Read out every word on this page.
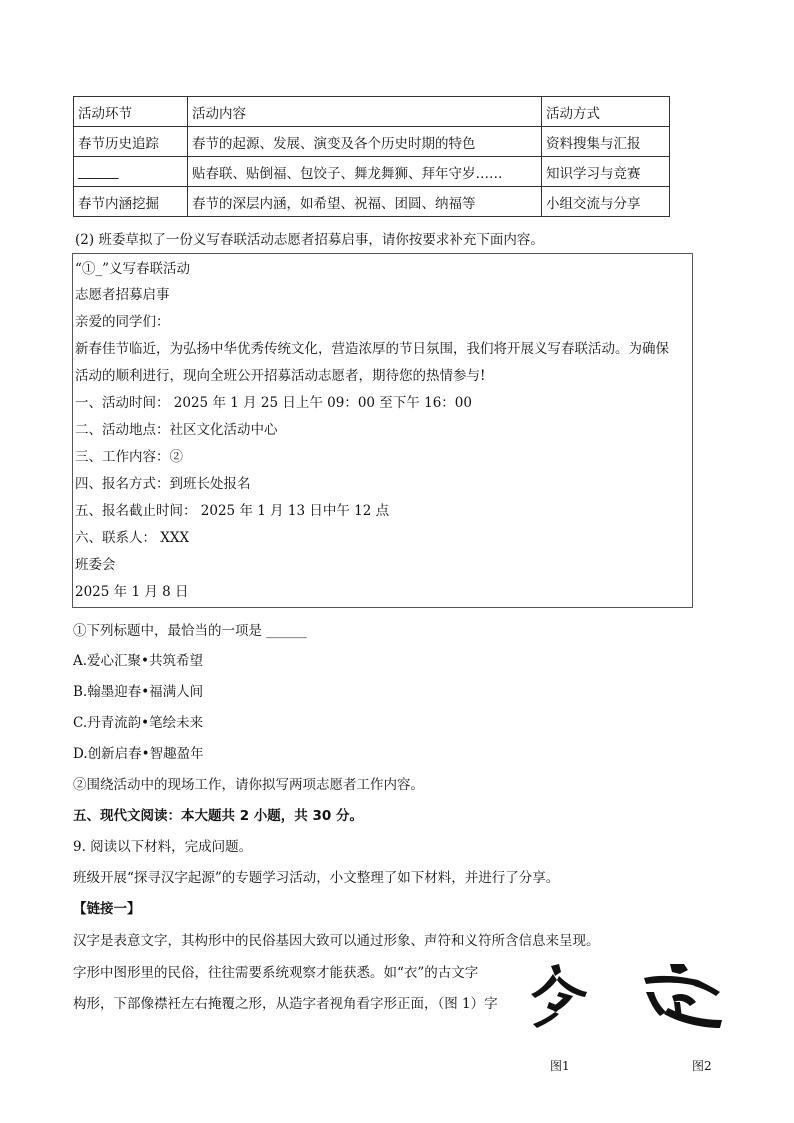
活动环节	活动内容	活动方式
春节历史追踪	春节的起源、发展、演变及各个历史时期的特色	资料搜集与汇报
______	贴春联、贴倒福、包饺子、舞龙舞狮、拜年守岁……	知识学习与竞赛
春节内涵挖掘	春节的深层内涵，如希望、祝福、团圆、纳福等	小组交流与分享
(2) 班委草拟了一份义写春联活动志愿者招募启事，请你按要求补充下面内容。
“①_”义写春联活动
志愿者招募启事
亲爱的同学们：
新春佳节临近，为弘扬中华优秀传统文化，营造浓厚的节日氛围，我们将开展义写春联活动。为确保
活动的顺利进行，现向全班公开招募活动志愿者，期待您的热情参与!
一、活动时间： 2025 年 1 月 25 日上午 09：00 至下午 16：00
二、活动地点：社区文化活动中心
三、工作内容：②
四、报名方式：到班长处报名
五、报名截止时间： 2025 年 1 月 13 日中午 12 点
六、联系人： XXX
班委会
2025 年 1 月 8 日
①下列标题中，最恰当的一项是 ______
A.爱心汇聚•共筑希望
B.翰墨迎春•福满人间
C.丹青流韵•笔绘未来
D.创新启春•智趣盈年
②围绕活动中的现场工作，请你拟写两项志愿者工作内容。
五、现代文阅读：本大题共 2 小题，共 30 分。
9. 阅读以下材料，完成问题。
班级开展“探寻汉字起源”的专题学习活动，小文整理了如下材料，并进行了分享。
【链接一】
汉字是表意文字，其构形中的民俗基因大致可以通过形象、声符和义符所含信息来呈现。
字形中图形里的民俗，往往需要系统观察才能获悉。如“衣”的古文字
构形，下部像襟衽左右掩覆之形，从造字者视角看字形正面，（图 1）字
图1	图2
